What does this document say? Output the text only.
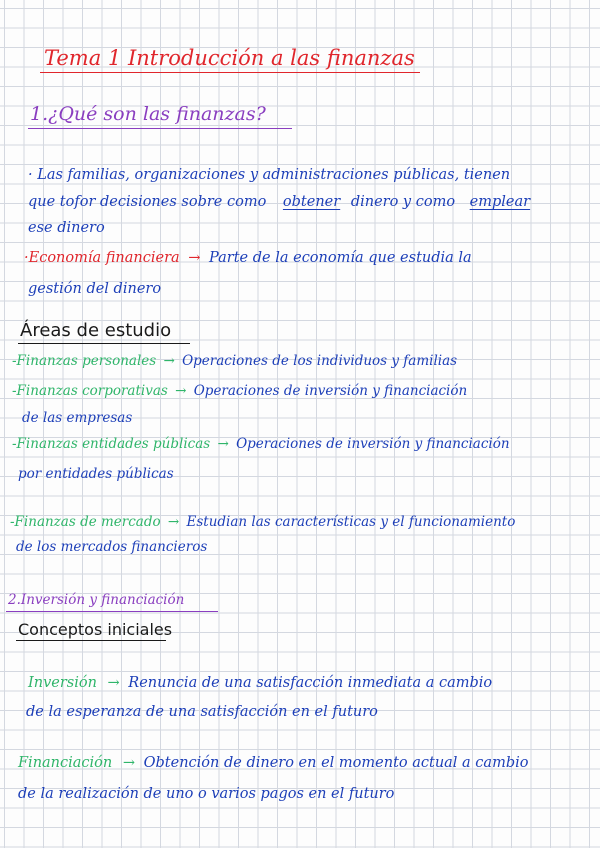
Tema 1 Introducción a las finanzas
1.¿Qué son las finanzas?
· Las familias, organizaciones y administraciones públicas, tienen
que tofor decisiones sobre como obtener dinero y como emplear
ese dinero
·Economía financiera → Parte de la economía que estudia la
gestión del dinero
Áreas de estudio
-Finanzas personales → Operaciones de los individuos y familias
-Finanzas corporativas → Operaciones de inversión y financiación
de las empresas
-Finanzas entidades públicas → Operaciones de inversión y financiación
por entidades públicas
-Finanzas de mercado → Estudian las características y el funcionamiento
de los mercados financieros
2.Inversión y financiación
Conceptos iniciales
Inversión → Renuncia de una satisfacción inmediata a cambio
de la esperanza de una satisfacción en el futuro
Financiación → Obtención de dinero en el momento actual a cambio
de la realización de uno o varios pagos en el futuro
